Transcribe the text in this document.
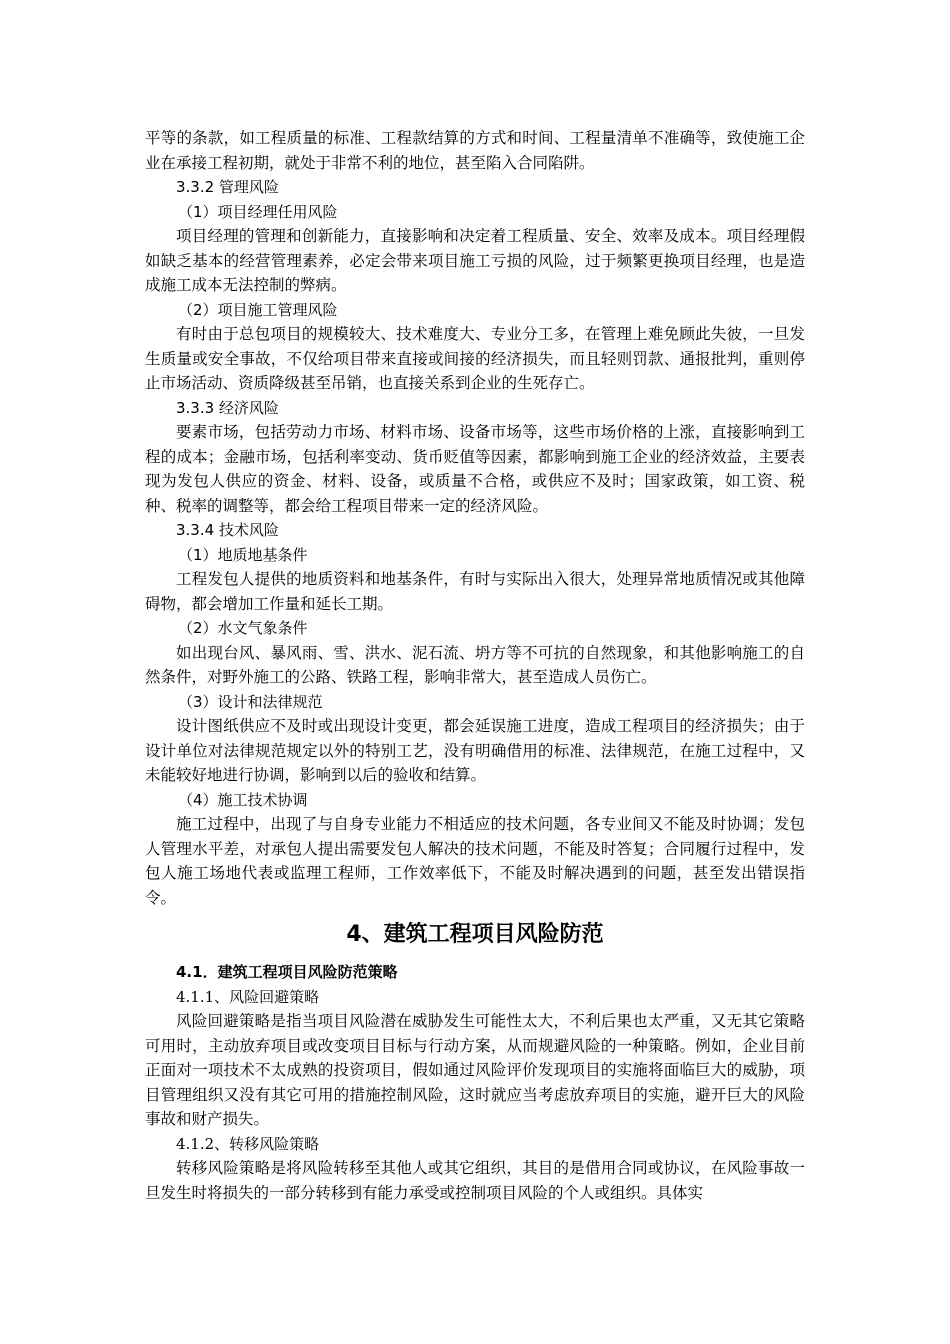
平等的条款，如工程质量的标准、工程款结算的方式和时间、工程量清单不准确等，致使施工企业在承接工程初期，就处于非常不利的地位，甚至陷入合同陷阱。

3.3.2 管理风险

（1）项目经理任用风险

项目经理的管理和创新能力，直接影响和决定着工程质量、安全、效率及成本。项目经理假如缺乏基本的经营管理素养，必定会带来项目施工亏损的风险，过于频繁更换项目经理，也是造成施工成本无法控制的弊病。

（2）项目施工管理风险

有时由于总包项目的规模较大、技术难度大、专业分工多，在管理上难免顾此失彼，一旦发生质量或安全事故，不仅给项目带来直接或间接的经济损失，而且轻则罚款、通报批判，重则停止市场活动、资质降级甚至吊销，也直接关系到企业的生死存亡。

3.3.3 经济风险

要素市场，包括劳动力市场、材料市场、设备市场等，这些市场价格的上涨，直接影响到工程的成本；金融市场，包括利率变动、货币贬值等因素，都影响到施工企业的经济效益，主要表现为发包人供应的资金、材料、设备，或质量不合格，或供应不及时；国家政策，如工资、税种、税率的调整等，都会给工程项目带来一定的经济风险。

3.3.4 技术风险

（1）地质地基条件

工程发包人提供的地质资料和地基条件，有时与实际出入很大，处理异常地质情况或其他障碍物，都会增加工作量和延长工期。

（2）水文气象条件

如出现台风、暴风雨、雪、洪水、泥石流、坍方等不可抗的自然现象，和其他影响施工的自然条件，对野外施工的公路、铁路工程，影响非常大，甚至造成人员伤亡。

（3）设计和法律规范

设计图纸供应不及时或出现设计变更，都会延误施工进度，造成工程项目的经济损失；由于设计单位对法律规范规定以外的特别工艺，没有明确借用的标准、法律规范，在施工过程中，又未能较好地进行协调，影响到以后的验收和结算。

（4）施工技术协调

施工过程中，出现了与自身专业能力不相适应的技术问题，各专业间又不能及时协调；发包人管理水平差，对承包人提出需要发包人解决的技术问题，不能及时答复；合同履行过程中，发包人施工场地代表或监理工程师，工作效率低下，不能及时解决遇到的问题，甚至发出错误指令。

4、建筑工程项目风险防范

4.1．建筑工程项目风险防范策略

4.1.1、风险回避策略

风险回避策略是指当项目风险潜在威胁发生可能性太大，不利后果也太严重，又无其它策略可用时，主动放弃项目或改变项目目标与行动方案，从而规避风险的一种策略。例如，企业目前正面对一项技术不太成熟的投资项目，假如通过风险评价发现项目的实施将面临巨大的威胁，项目管理组织又没有其它可用的措施控制风险，这时就应当考虑放弃项目的实施，避开巨大的风险事故和财产损失。

4.1.2、转移风险策略

转移风险策略是将风险转移至其他人或其它组织，其目的是借用合同或协议，在风险事故一旦发生时将损失的一部分转移到有能力承受或控制项目风险的个人或组织。具体实
